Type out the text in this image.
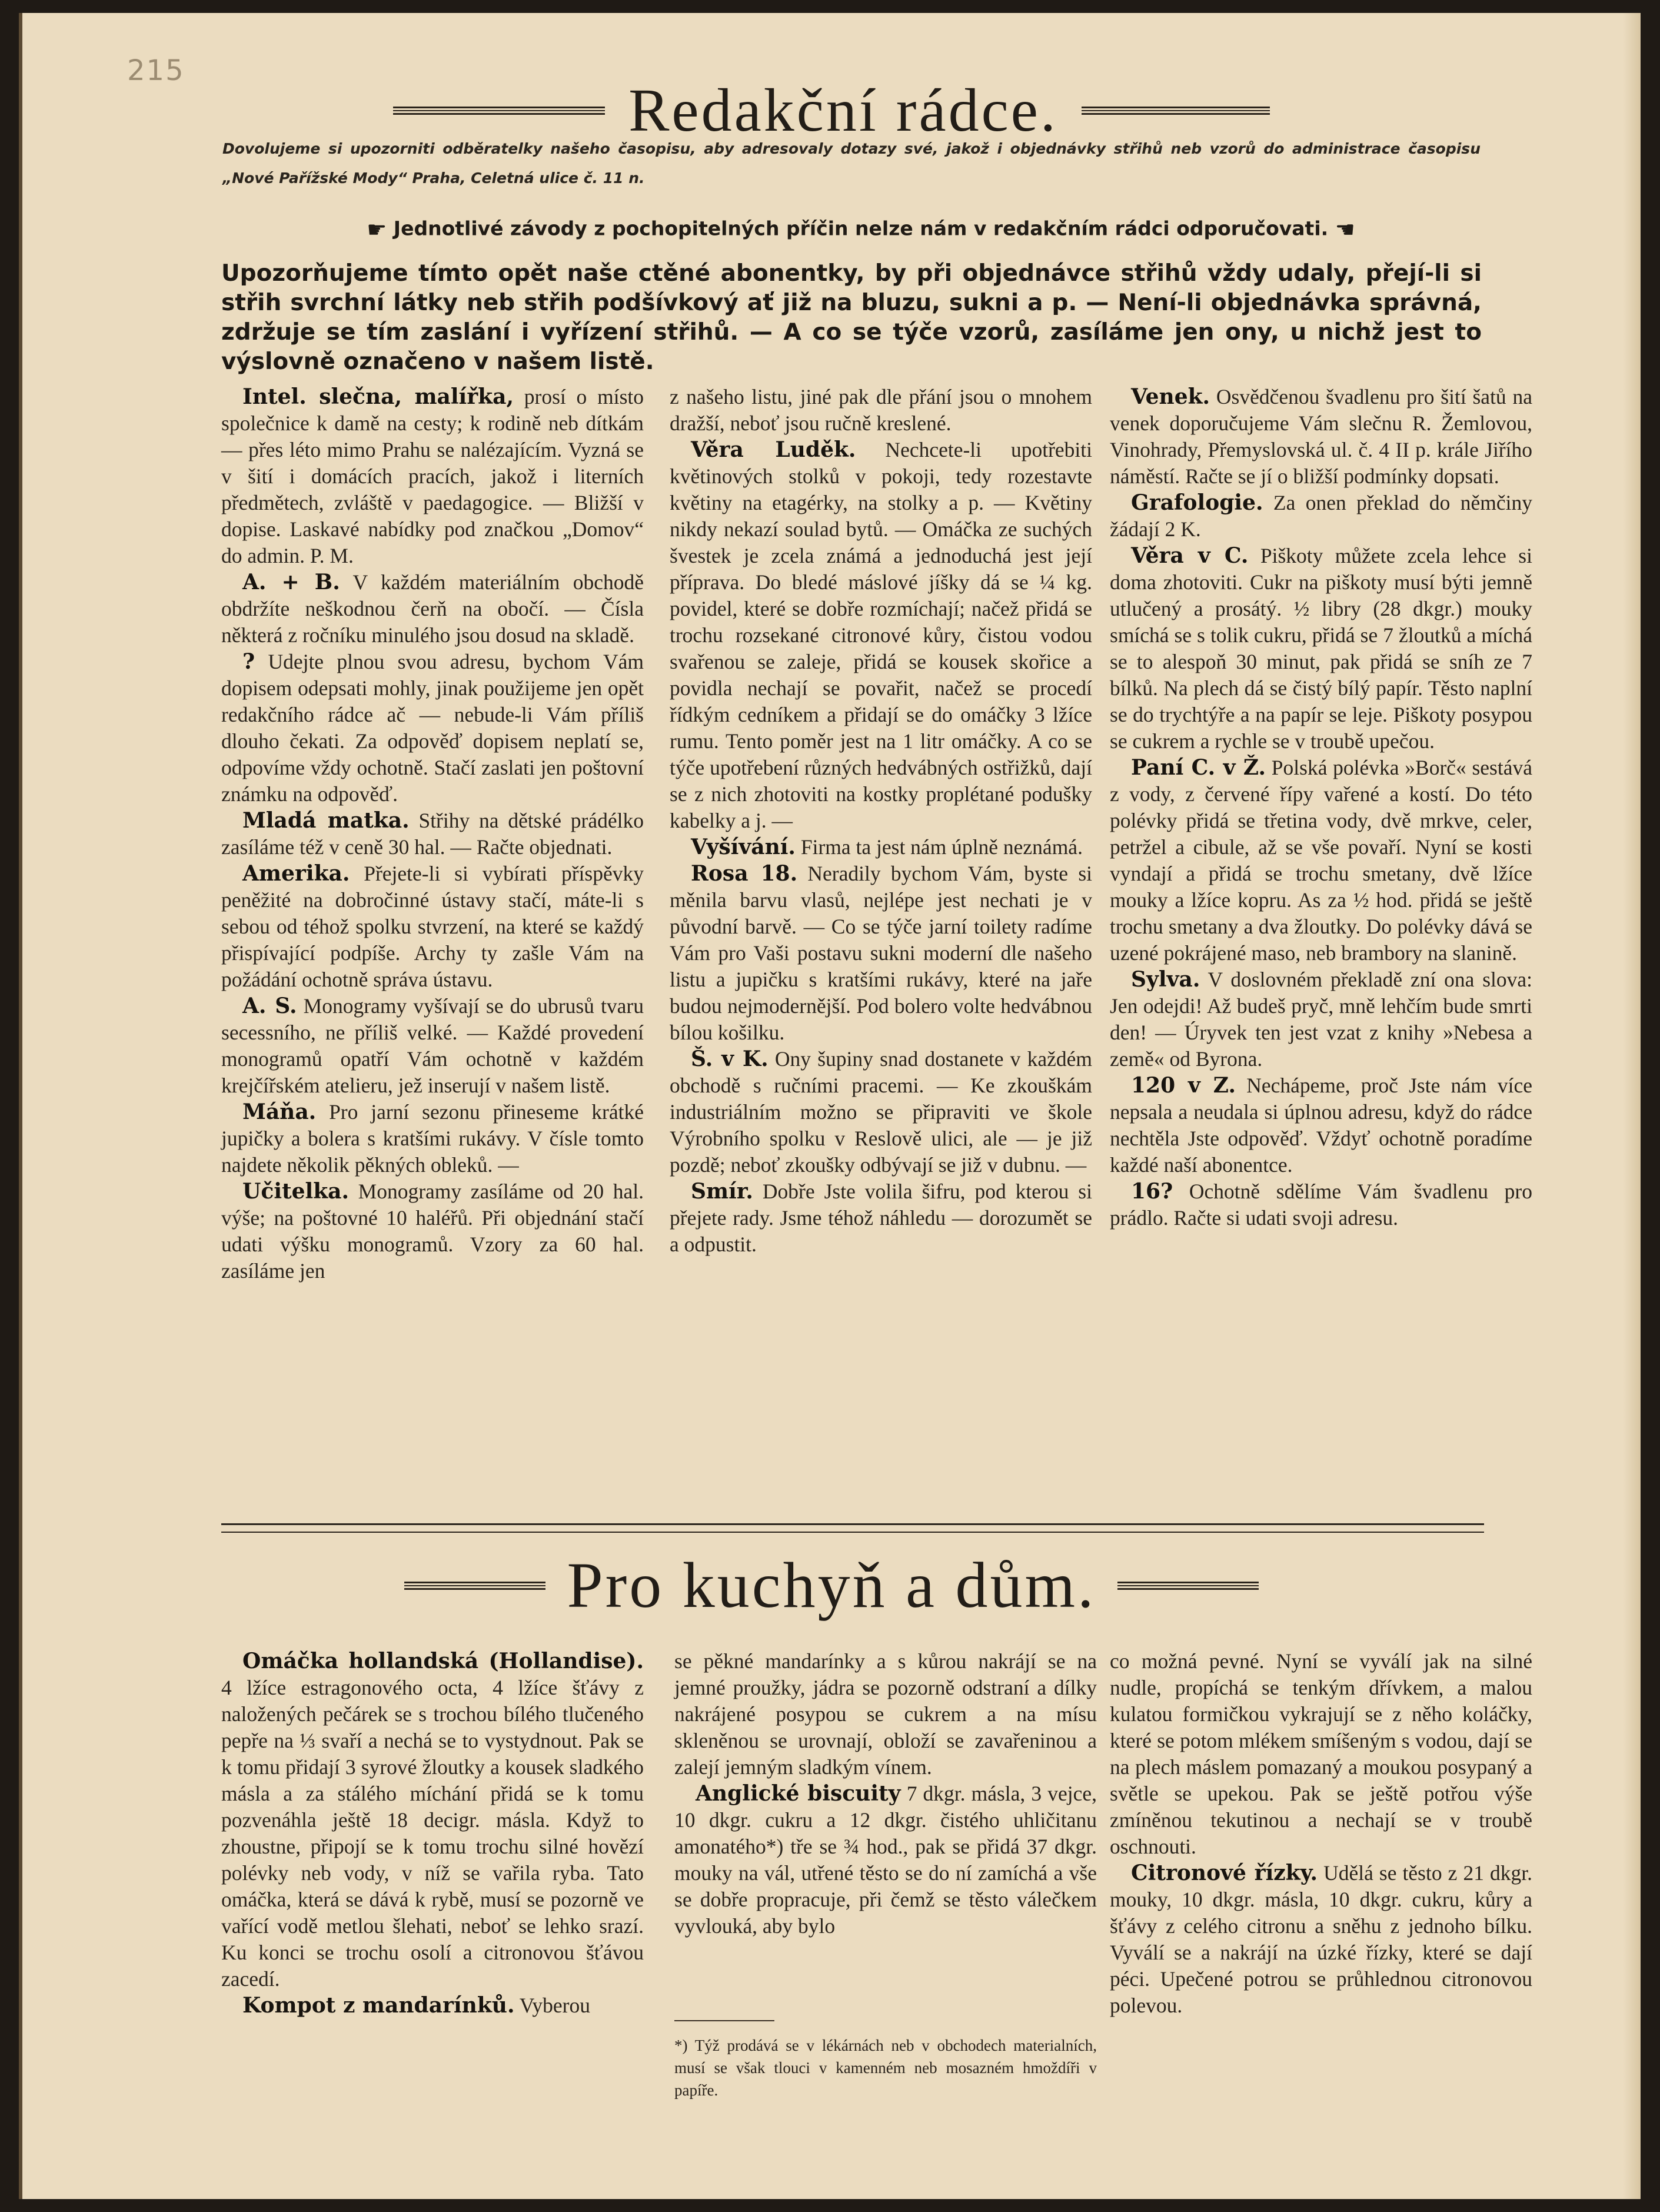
215
Redakční rádce.
Dovolujeme si upozorniti odběratelky našeho časopisu, aby adresovaly dotazy své, jakož i objednávky střihů neb vzorů do administrace časopisu „Nové Pařížské Mody“ Praha, Celetná ulice č. 11 n.
☛ Jednotlivé závody z pochopitelných příčin nelze nám v redakčním rádci odporučovati. ☚
Upozorňujeme tímto opět naše ctěné abonentky, by při objednávce střihů vždy udaly, přejí-li si střih svrchní látky neb střih podšívkový ať již na bluzu, sukni a p. — Není-li objednávka správná, zdržuje se tím zaslání i vyřízení střihů. — A co se týče vzorů, zasíláme jen ony, u nichž jest to výslovně označeno v našem listě.

Intel. slečna, malířka, prosí o místo společnice k damě na cesty; k rodině neb dítkám — přes léto mimo Prahu se nalézajícím. Vyzná se v šití i domácích pracích, jakož i literních předmětech, zvláště v paedagogice. — Bližší v dopise. Laskavé nabídky pod značkou „Domov“ do admin. P. M.

A. + B. V každém materiálním obchodě obdržíte neškodnou čerň na obočí. — Čísla některá z ročníku minulého jsou dosud na skladě.

? Udejte plnou svou adresu, bychom Vám dopisem odepsati mohly, jinak použijeme jen opět redakčního rádce ač — nebude-li Vám příliš dlouho čekati. Za odpověď dopisem neplatí se, odpovíme vždy ochotně. Stačí zaslati jen poštovní známku na odpověď.

Mladá matka. Střihy na dětské prádélko zasíláme též v ceně 30 hal. — Račte objednati.

Amerika. Přejete-li si vybírati příspěvky peněžité na dobročinné ústavy stačí, máte-li s sebou od téhož spolku stvrzení, na které se každý přispívající podpíše. Archy ty zašle Vám na požádání ochotně správa ústavu.

A. S. Monogramy vyšívají se do ubrusů tvaru secessního, ne příliš velké. — Každé provedení monogramů opatří Vám ochotně v každém krejčířském atelieru, jež inserují v našem listě.

Máňa. Pro jarní sezonu přineseme krátké jupičky a bolera s kratšími rukávy. V čísle tomto najdete několik pěkných obleků. —

Učitelka. Monogramy zasíláme od 20 hal. výše; na poštovné 10 haléřů. Při objednání stačí udati výšku monogramů. Vzory za 60 hal. zasíláme jen

z našeho listu, jiné pak dle přání jsou o mnohem dražší, neboť jsou ručně kreslené.

Věra Luděk. Nechcete-li upotřebiti květinových stolků v pokoji, tedy rozestavte květiny na etagérky, na stolky a p. — Květiny nikdy nekazí soulad bytů. — Omáčka ze suchých švestek je zcela známá a jednoduchá jest její příprava. Do bledé máslové jíšky dá se ¼ kg. povidel, které se dobře rozmíchají; načež přidá se trochu rozsekané citronové kůry, čistou vodou svařenou se zaleje, přidá se kousek skořice a povidla nechají se povařit, načež se procedí řídkým cedníkem a přidají se do omáčky 3 lžíce rumu. Tento poměr jest na 1 litr omáčky. A co se týče upotřebení různých hedvábných ostřižků, dají se z nich zhotoviti na kostky proplétané podušky kabelky a j. —

Vyšívání. Firma ta jest nám úplně neznámá.

Rosa 18. Neradily bychom Vám, byste si měnila barvu vlasů, nejlépe jest nechati je v původní barvě. — Co se týče jarní toilety radíme Vám pro Vaši postavu sukni moderní dle našeho listu a jupičku s kratšími rukávy, které na jaře budou nejmodernější. Pod bolero volte hedvábnou bílou košilku.

Š. v K. Ony šupiny snad dostanete v každém obchodě s ručními pracemi. — Ke zkouškám industriálním možno se připraviti ve škole Výrobního spolku v Reslově ulici, ale — je již pozdě; neboť zkoušky odbývají se již v dubnu. —

Smír. Dobře Jste volila šifru, pod kterou si přejete rady. Jsme téhož náhledu — dorozumět se a odpustit.

Venek. Osvědčenou švadlenu pro šití šatů na venek doporučujeme Vám slečnu R. Žemlovou, Vinohrady, Přemyslovská ul. č. 4 II p. krále Jiřího náměstí. Račte se jí o bližší podmínky dopsati.

Grafologie. Za onen překlad do němčiny žádají 2 K.

Věra v C. Piškoty můžete zcela lehce si doma zhotoviti. Cukr na piškoty musí býti jemně utlučený a prosátý. ½ libry (28 dkgr.) mouky smíchá se s tolik cukru, přidá se 7 žloutků a míchá se to alespoň 30 minut, pak přidá se sníh ze 7 bílků. Na plech dá se čistý bílý papír. Těsto naplní se do trychtýře a na papír se leje. Piškoty posypou se cukrem a rychle se v troubě upečou.

Paní C. v Ž. Polská polévka »Borč« sestává z vody, z červené řípy vařené a kostí. Do této polévky přidá se třetina vody, dvě mrkve, celer, petržel a cibule, až se vše povaří. Nyní se kosti vyndají a přidá se trochu smetany, dvě lžíce mouky a lžíce kopru. As za ½ hod. přidá se ještě trochu smetany a dva žloutky. Do polévky dává se uzené pokrájené maso, neb brambory na slanině.

Sylva. V doslovném překladě zní ona slova: Jen odejdi! Až budeš pryč, mně lehčím bude smrti den! — Úryvek ten jest vzat z knihy »Nebesa a země« od Byrona.

120 v Z. Nechápeme, proč Jste nám více nepsala a neudala si úplnou adresu, když do rádce nechtěla Jste odpověď. Vždyť ochotně poradíme každé naší abonentce.

16? Ochotně sdělíme Vám švadlenu pro prádlo. Račte si udati svoji adresu.

Pro kuchyň a dům.

Omáčka hollandská (Hollandise). 4 lžíce estragonového octa, 4 lžíce šťávy z naložených pečárek se s trochou bílého tlučeného pepře na ⅓ svaří a nechá se to vystydnout. Pak se k tomu přidají 3 syrové žloutky a kousek sladkého másla a za stálého míchání přidá se k tomu pozvenáhla ještě 18 decigr. másla. Když to zhoustne, připojí se k tomu trochu silné hovězí polévky neb vody, v níž se vařila ryba. Tato omáčka, která se dává k rybě, musí se pozorně ve vařící vodě metlou šlehati, neboť se lehko srazí. Ku konci se trochu osolí a citronovou šťávou zacedí.

Kompot z mandarínků. Vyberou

se pěkné mandarínky a s kůrou nakrájí se na jemné proužky, jádra se pozorně odstraní a dílky nakrájené posypou se cukrem a na mísu skleněnou se urovnají, obloží se zavařeninou a zalejí jemným sladkým vínem.

Anglické biscuity 7 dkgr. másla, 3 vejce, 10 dkgr. cukru a 12 dkgr. čistého uhličitanu amonatého*) tře se ¾ hod., pak se přidá 37 dkgr. mouky na vál, utřené těsto se do ní zamíchá a vše se dobře propracuje, při čemž se těsto válečkem vyvlouká, aby bylo

co možná pevné. Nyní se vyválí jak na silné nudle, propíchá se tenkým dřívkem, a malou kulatou formičkou vykrajují se z něho koláčky, které se potom mlékem smíšeným s vodou, dají se na plech máslem pomazaný a moukou posypaný a světle se upekou. Pak se ještě potřou výše zmíněnou tekutinou a nechají se v troubě oschnouti.

Citronové řízky. Udělá se těsto z 21 dkgr. mouky, 10 dkgr. másla, 10 dkgr. cukru, kůry a šťávy z celého citronu a sněhu z jednoho bílku. Vyválí se a nakrájí na úzké řízky, které se dají péci. Upečené potrou se průhlednou citronovou polevou.

*) Týž prodává se v lékárnách neb v obchodech materialních, musí se však tlouci v kamenném neb mosazném hmoždíři v papíře.
